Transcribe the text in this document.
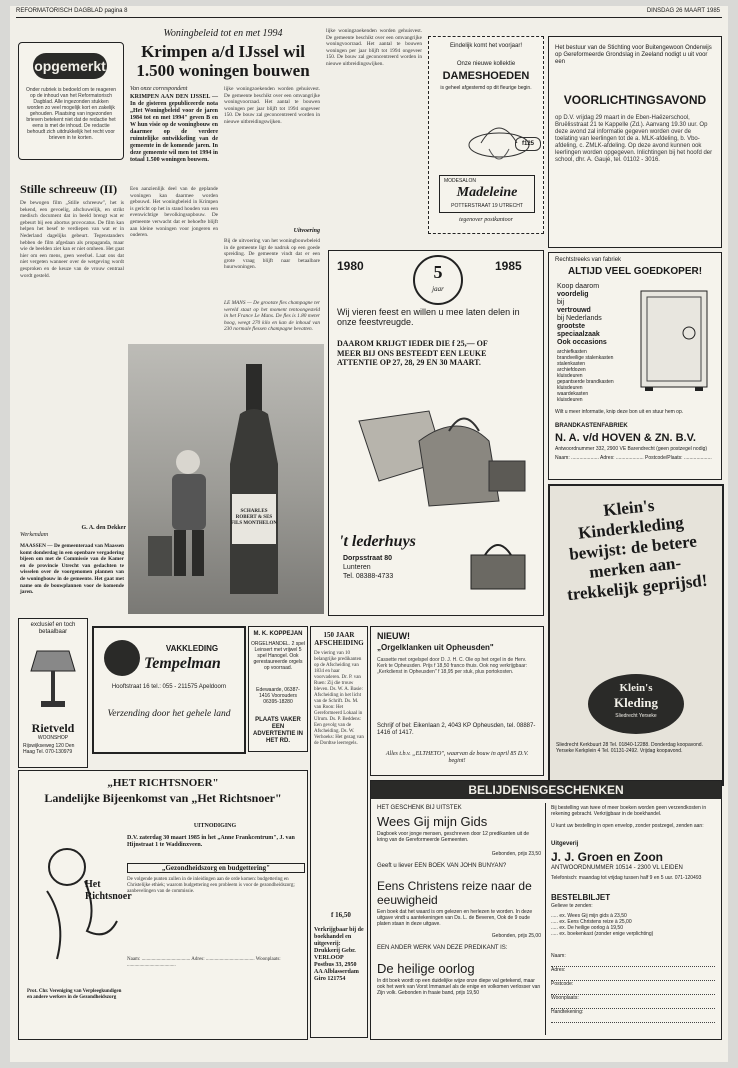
REFORMATORISCH DAGBLAD pagina 8	DINSDAG 26 MAART 1985
opgemerkt
Onder rubriek is bedoeld om te reageren op de inhoud van het Reformatorisch Dagblad. Alle ingezonden stukken worden zo veel mogelijk kort en zakelijk gehouden. Plaatsing van ingezonden brieven betekent niet dat de redactie het eens is met de inhoud. De redactie behoudt zich uitdrukkelijk het recht voor brieven in te korten.
Stille schreeuw (II)
De bewogen film „Stille schreeuw", het is bekend, een gevoelig, afschuwelijk, en strikt medisch document dat in beeld brengt wat er gebeurt bij een abortus provocatus. De film kan helpen het besef te verdiepen van wat er in Nederland dagelijks gebeurt. Tegenstanders hebben de film afgedaan als propaganda, maar wie de beelden ziet kan er niet omheen. Het gaat hier om een mens, geen weefsel. Laat ons dat niet vergeten wanneer over de wetgeving wordt gesproken en de keuze van de vrouw centraal wordt gesteld.
G. A. den Dekker
Werkendam
MAASSEN — De gemeenteraad van Maassen komt donderdag in een openbare vergadering bijeen om met de Commissie van de Kamer en de provincie Utrecht van gedachten te wisselen over de voorgenomen plannen van de woningbouw in de gemeente. Het gaat met name om de bouwplannen voor de komende jaren.
Woningbeleid tot en met 1994
Krimpen a/d IJssel wil 1.500 woningen bouwen
Van onze correspondent
KRIMPEN AAN DEN IJSSEL — In de gisteren gepubliceerde nota „Het Woningbeleid voor de jaren 1984 tot en met 1994" geven B en W hun visie op de woningbouw en daarmee op de verdere ruimtelijke ontwikkeling van de gemeente in de komende jaren. In deze gemeente wil men tot 1994 in totaal 1.500 woningen bouwen.
Een aanzienlijk deel van de geplande woningen kan daarmee worden gebouwd. Het woningbeleid in Krimpen is gericht op het in stand houden van een evenwichtige bevolkingsopbouw. De gemeente verwacht dat er behoefte blijft aan kleine woningen voor jongeren en ouderen.
lijke woningzoekenden worden gehuisvest. De gemeente beschikt over een omvangrijke woningvoorraad. Het aantal te bouwen woningen per jaar blijft tot 1994 ongeveer 150. De bouw zal geconcentreerd worden in nieuwe uitbreidingswijken.
Uitvoering
Bij de uitvoering van het woningbouwbeleid in de gemeente ligt de nadruk op een goede spreiding. De gemeente vindt dat er een grote vraag blijft naar betaalbare huurwoningen.
LE MANS — De grootste fles champagne ter wereld staat op het moment tentoongesteld in het France Le Mans. De fles is 1.80 meter hoog, weegt 270 kilo en kan de inhoud van 230 normale flessen champagne bevatten.
lijke woningzoekenden worden gehuisvest. De gemeente beschikt over een omvangrijke woningvoorraad. Het aantal te bouwen woningen per jaar blijft tot 1994 ongeveer 150. De bouw zal geconcentreerd worden in nieuwe uitbreidingswijken.
SCHARLES ROBERT & SES FILS MONTHELON
Eindelijk komt het voorjaar!
Onze nieuwe kollektie
DAMESHOEDEN
is geheel afgestemd op dit fleurige begin.
f125
MODESALON
Madeleine
POTTERSTRAAT 19 UTRECHT
tegenover postkantoor
Het bestuur van de Stichting voor Buitengewoon Onderwijs op Gereformeerde Grondslag in Zeeland nodigt u uit voor een
VOORLICHTINGSAVOND
op D.V. vrijdag 29 maart in de Eben-Haëzerschool, Bruëlisstraat 21 te Kappelle (Zd.). Aanvang 19.30 uur. Op deze avond zal informatie gegeven worden over de toelating van leerlingen tot de a. MLK-afdeling, b. Vbo-afdeling, c. ZMLK-afdeling. Op deze avond kunnen ook leerlingen worden opgegeven. Inlichtingen bij het hoofd der school, dhr. A. Gaujé, tel. 01102 - 3016.
1980	1985
5
jaar
Wij vieren feest en willen u mee laten delen in onze feestvreugde.
DAAROM KRIJGT IEDER DIE f 25,— OF MEER BIJ ONS BESTEEDT EEN LEUKE ATTENTIE OP 27, 28, 29 EN 30 MAART.
't lederhuys
Dorpsstraat 80
Lunteren
Tel. 08388-4733
Rechtstreeks van fabriek
ALTIJD VEEL GOEDKOPER!
Koop daarom
voordelig
bij
vertrouwd
bij Nederlands
grootste
speciaalzaak
Ook occasions
archiefkasten
brandveilige stalenkasten
stalenkasten
archiefdozen
kluisdeuren
gepantserde brandkasten
kluisdeuren
waardekasten
kluisdeuren
Wilt u meer informatie, knip deze bon uit en stuur hem op.
BRANDKASTENFABRIEK
N. A. v/d HOVEN & ZN. B.V.
Antwoordnummer 332, 2900 VE Barendrecht (geen postzegel nodig)
Naam: .................... Adres: .................... Postcode/Plaats: ....................
Klein's Kinderkleding bewijst: de betere merken aan-trekkelijk geprijsd!
Klein's
Kleding
Sliedrecht Yerseke
Sliedrecht Kerkbuurt 28 Tel. 01840-12288. Donderdag koopavond. Yerseke Kerkplein 4 Tel. 01131-2492. Vrijdag koopavond.
exclusief en toch betaalbaar
Rietveld
WOONSHOP
Rijswijkseweg 120 Den Haag Tel. 070-130979
VAKKLEDING
Tempelman
Hooftstraat 16 tel.: 055 - 211575 Apeldoorn
Verzending door het gehele land
M. K. KOPPEJAN
ORGELHANDEL. 2 spel Leinsert met vrijwel 5 spel Hanogel. Ook gerestaureerde orgels op voorraad.
Edewaarde, 06387-1416 Voorouders 06395-18280
PLAATS VAKER EEN ADVERTENTIE IN HET RD.
150 JAAR AFSCHEIDING
De viering van 10 belangrijke predikanten op de Afscheiding van 1834 en haar voorvaderen. Dr. P. van Ruen: Zij die trouw bleven. Ds. W. A. Basie: Afscheiding in het licht van de Schrift. Ds. M. van Roon: Het Gereformeerd Lokaal in Ulrum. Ds. P. Beddens: Een gevolg van de Afscheiding. Ds. W. Verhoeks: Het gezag van de Dordtse leerregels.
f 16,50
Verkrijgbaar bij de boekhandel en uitgeverij: Drukkerij Gebr. VERLOOP Postbus 33, 2950 AA Alblasserdam Giro 121754
NIEUW!
„Orgelklanken uit Opheusden"
Cassette met orgelspel door D. J. H. C. Ole op het orgel in de Herv. Kerk te Opheusden. Prijs f 18,50 franco thuis. Ook nog verkrijgbaar: „Kerkdienst in Opheusden" f 18,95 per stuk, plus portokosten.
Schrijf of bel: Eikenlaan 2, 4043 KP Opheusden, tel. 08887-1416 of 1417.
Alles t.b.v. „ELTHETO", waarvan de bouw in april 85 D.V. begint!
„HET RICHTSNOER"
Landelijke Bijeenkomst van „Het Richtsnoer"
UITNODIGING
D.V. zaterdag 30 maart 1985 in het „Anne Frankcentrum", J. van Hijnstraat 1 te Waddinxveen.
„Gezondheidszorg en budgettering"
De volgende punten zullen in de inleidingen aan de orde komen: budgettering en Christelijke ethiek; waarom budgettering een probleem is voor de gezondheidszorg; aanbevelingen van de commissie.
Het Richtsnoer
Prot. Chr. Vereniging van Verpleegkundigen en andere werkers in de Gezondheidszorg
Naam: ....................................... Adres: ....................................... Woonplaats: .......................................
BELIJDENISGESCHENKEN
HET GESCHENK BIJ UITSTEK
Wees Gij mijn Gids
Dagboek voor jonge mensen, geschreven door 12 predikanten uit de kring van de Gereformeerde Gemeenten.
Gebonden, prijs 23,50
Geeft u liever EEN BOEK VAN JOHN BUNYAN?
Eens Christens reize naar de eeuwigheid
Een boek dat het waard is om gelezen en herlezen te worden. In deze uitgave vindt u aantekeningen van Ds. L. de Beveren, Ook de 9 oude platen staan in deze uitgave.
Gebonden, prijs 25,00
EEN ANDER WERK VAN DEZE PREDIKANT IS:
De heilige oorlog
In dit boek wordt op een duidelijke wijze onze diepe val getekend, maar ook het werk van Vorst Immanuel als de enige en volkomen verlosser van Zijn volk. Gebonden in fraaie band, prijs 19,50
Bij bestelling van twee of meer boeken worden geen verzendkosten in rekening gebracht. Verkrijgbaar in de boekhandel.
U kunt uw bestelling in open envelop, zonder postzegel, zenden aan:
Uitgeverij
J. J. Groen en Zoon
ANTWOORDNUMMER 10514 - 2300 VL LEIDEN
Telefonisch: maandag tot vrijdag tussen half 9 en 5 uur. 071-120493
BESTELBILJET
Gelieve te zenden:
..... ex. Wees Gij mijn gids à 23,50
..... ex. Eens Christens reize à 25,00
..... ex. De heilige oorlog à 19,50
..... ex. boekenkast (zonder enige verplichting)
Naam:
Adres:
Postcode:
Woonplaats:
Handtekening:
